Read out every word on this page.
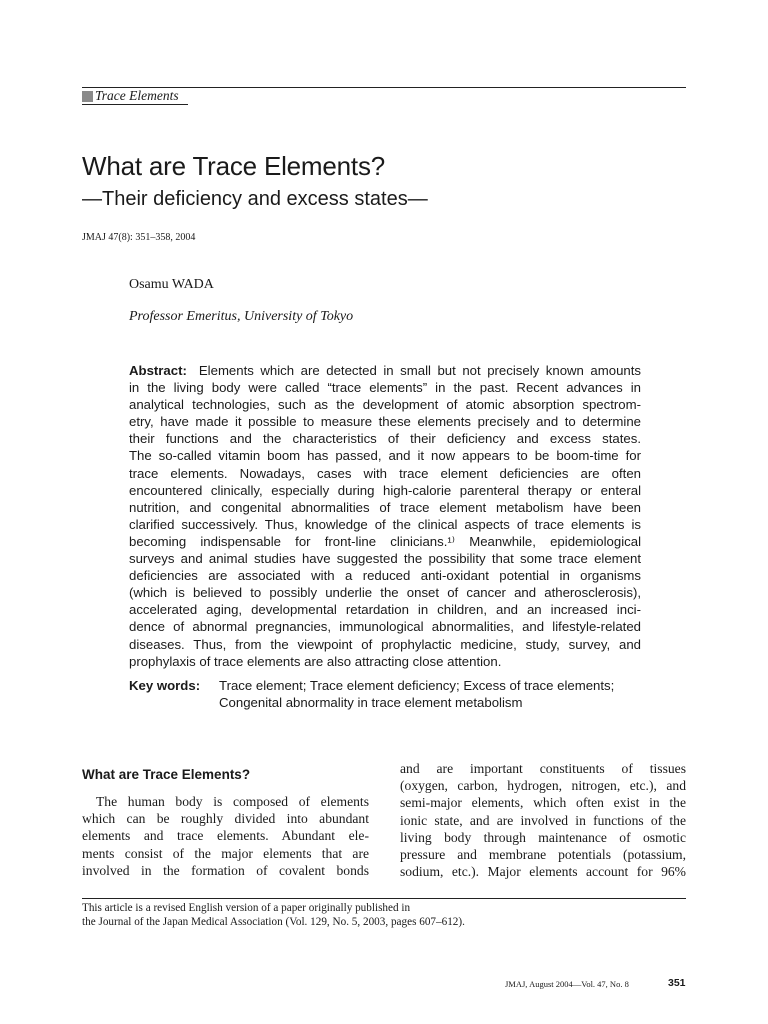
Trace Elements
What are Trace Elements?
—Their deficiency and excess states—
JMAJ 47(8): 351–358, 2004
Osamu WADA
Professor Emeritus, University of Tokyo
Abstract: Elements which are detected in small but not precisely known amounts
in the living body were called “trace elements” in the past. Recent advances in
analytical technologies, such as the development of atomic absorption spectrom-
etry, have made it possible to measure these elements precisely and to determine
their functions and the characteristics of their deficiency and excess states.
The so-called vitamin boom has passed, and it now appears to be boom-time for
trace elements. Nowadays, cases with trace element deficiencies are often
encountered clinically, especially during high-calorie parenteral therapy or enteral
nutrition, and congenital abnormalities of trace element metabolism have been
clarified successively. Thus, knowledge of the clinical aspects of trace elements is
becoming indispensable for front-line clinicians.¹⁾ Meanwhile, epidemiological
surveys and animal studies have suggested the possibility that some trace element
deficiencies are associated with a reduced anti-oxidant potential in organisms
(which is believed to possibly underlie the onset of cancer and atherosclerosis),
accelerated aging, developmental retardation in children, and an increased inci-
dence of abnormal pregnancies, immunological abnormalities, and lifestyle-related
diseases. Thus, from the viewpoint of prophylactic medicine, study, survey, and
prophylaxis of trace elements are also attracting close attention.
Key words: Trace element; Trace element deficiency; Excess of trace elements;
Congenital abnormality in trace element metabolism
What are Trace Elements?
The human body is composed of elements
which can be roughly divided into abundant
elements and trace elements. Abundant ele-
ments consist of the major elements that are
involved in the formation of covalent bonds
and are important constituents of tissues
(oxygen, carbon, hydrogen, nitrogen, etc.), and
semi-major elements, which often exist in the
ionic state, and are involved in functions of the
living body through maintenance of osmotic
pressure and membrane potentials (potassium,
sodium, etc.). Major elements account for 96%
This article is a revised English version of a paper originally published in
the Journal of the Japan Medical Association (Vol. 129, No. 5, 2003, pages 607–612).
JMAJ, August 2004—Vol. 47, No. 8	351
